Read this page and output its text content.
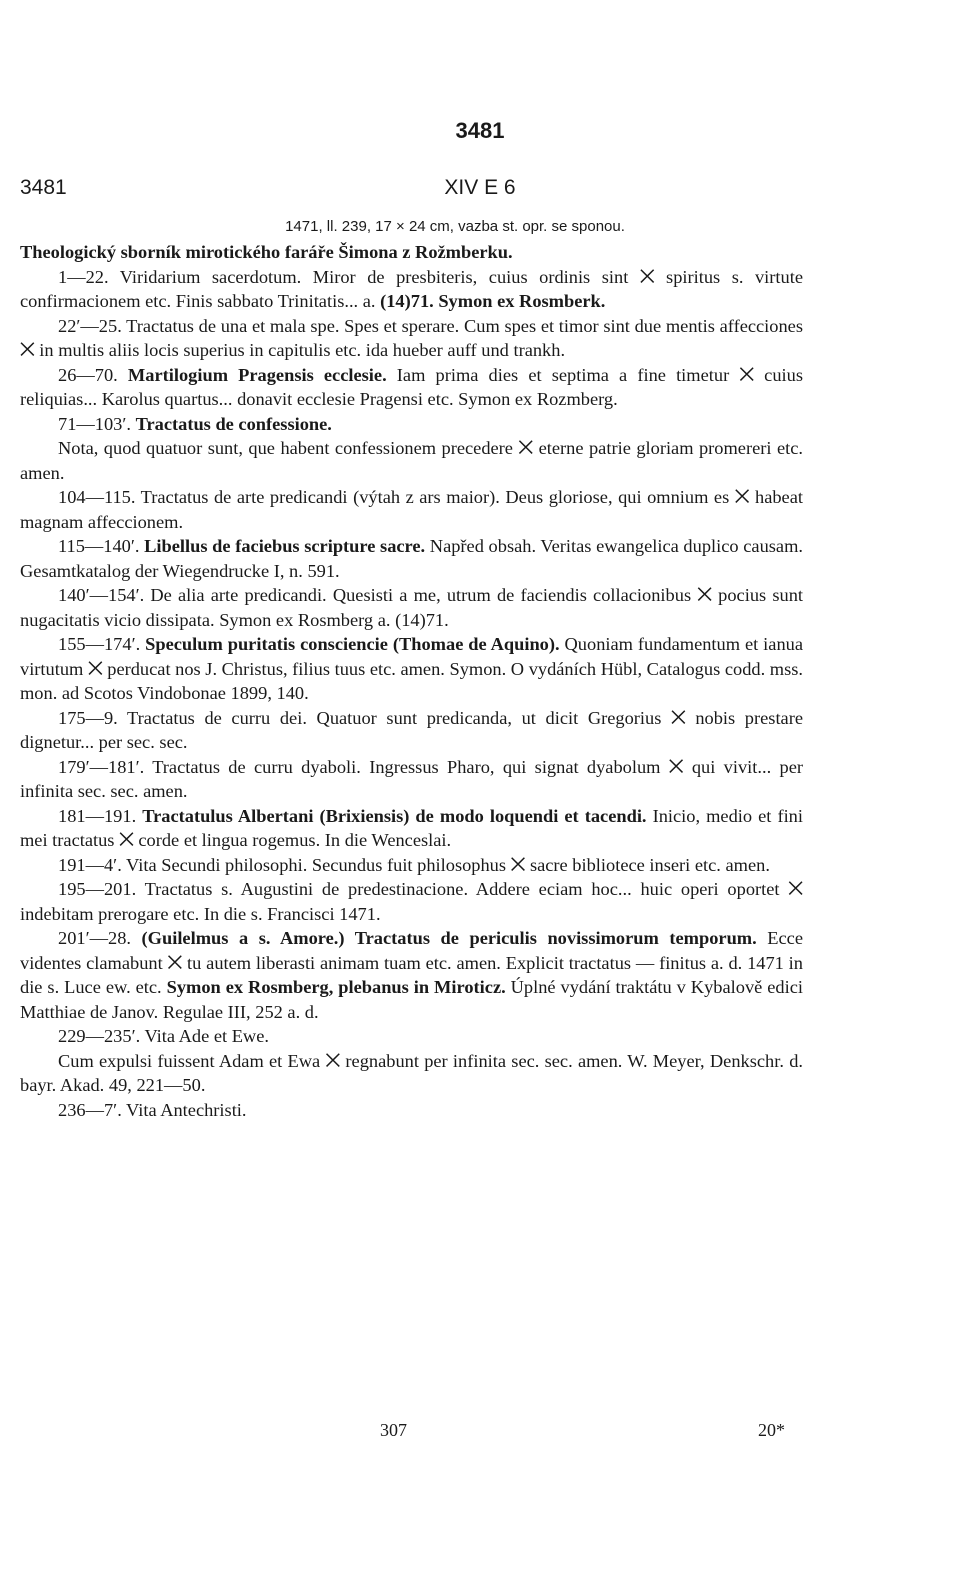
3481
3481	XIV E 6
1471, ll. 239, 17 × 24 cm, vazba st. opr. se sponou.

Theologický sborník mirotického faráře Šimona z Rožmberku.

1—22. Viridarium sacerdotum. Miror de presbiteris, cuius ordinis sint ⨉ spiritus s. virtute confirmacionem etc. Finis sabbato Trinitatis... a. (14)71. Symon ex Rosmberk.

22′—25. Tractatus de una et mala spe. Spes et sperare. Cum spes et timor sint due mentis affecciones ⨉ in multis aliis locis superius in capitulis etc. ida hueber auff und trankh.

26—70. Martilogium Pragensis ecclesie. Iam prima dies et septima a fine timetur ⨉ cuius reliquias... Karolus quartus... donavit ecclesie Pragensi etc. Symon ex Rozmberg.

71—103′. Tractatus de confessione.

Nota, quod quatuor sunt, que habent confessionem precedere ⨉ eterne patrie gloriam promereri etc. amen.

104—115. Tractatus de arte predicandi (výtah z ars maior). Deus gloriose, qui omnium es ⨉ habeat magnam affeccionem.

115—140′. Libellus de faciebus scripture sacre. Napřed obsah. Veritas ewangelica duplico causam. Gesamtkatalog der Wiegendrucke I, n. 591.

140′—154′. De alia arte predicandi. Quesisti a me, utrum de faciendis collacionibus ⨉ pocius sunt nugacitatis vicio dissipata. Symon ex Rosmberg a. (14)71.

155—174′. Speculum puritatis consciencie (Thomae de Aquino). Quoniam fundamentum et ianua virtutum ⨉ perducat nos J. Christus, filius tuus etc. amen. Symon. O vydáních Hübl, Catalogus codd. mss. mon. ad Scotos Vindobonae 1899, 140.

175—9. Tractatus de curru dei. Quatuor sunt predicanda, ut dicit Gregorius ⨉ nobis prestare dignetur... per sec. sec.

179′—181′. Tractatus de curru dyaboli. Ingressus Pharo, qui signat dyabolum ⨉ qui vivit... per infinita sec. sec. amen.

181—191. Tractatulus Albertani (Brixiensis) de modo loquendi et tacendi. Inicio, medio et fini mei tractatus ⨉ corde et lingua rogemus. In die Wenceslai.

191—4′. Vita Secundi philosophi. Secundus fuit philosophus ⨉ sacre bibliotece inseri etc. amen.

195—201. Tractatus s. Augustini de predestinacione. Addere eciam hoc... huic operi oportet ⨉ indebitam prerogare etc. In die s. Francisci 1471.

201′—28. (Guilelmus a s. Amore.) Tractatus de periculis novissimorum temporum. Ecce videntes clamabunt ⨉ tu autem liberasti animam tuam etc. amen. Explicit tractatus — finitus a. d. 1471 in die s. Luce ew. etc. Symon ex Rosmberg, plebanus in Miroticz. Úplné vydání traktátu v Kybalově edici Matthiae de Janov. Regulae III, 252 a. d.

229—235′. Vita Ade et Ewe.

Cum expulsi fuissent Adam et Ewa ⨉ regnabunt per infinita sec. sec. amen. W. Meyer, Denkschr. d. bayr. Akad. 49, 221—50.

236—7′. Vita Antechristi.

307	20*
